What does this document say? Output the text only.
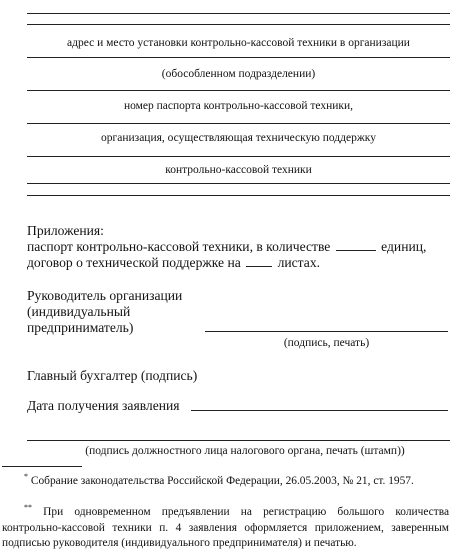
адрес и место установки контрольно-кассовой техники в организации
(обособленном подразделении)
номер паспорта контрольно-кассовой техники,
организация, осуществляющая техническую поддержку
контрольно-кассовой техники
Приложения:
паспорт контрольно-кассовой техники, в количестве	единиц,
договор о технической поддержке на	листах.
Руководитель организации
(индивидуальный
предприниматель)
(подпись, печать)
Главный бухгалтер (подпись)
Дата получения заявления
(подпись должностного лица налогового органа, печать (штамп))
* Собрание законодательства Российской Федерации, 26.05.2003, № 21, ст. 1957.
** При одновременном предъявлении на регистрацию большого количества контрольно-кассовой техники п. 4 заявления оформляется приложением, заверенным подписью руководителя (индивидуального предпринимателя) и печатью.
